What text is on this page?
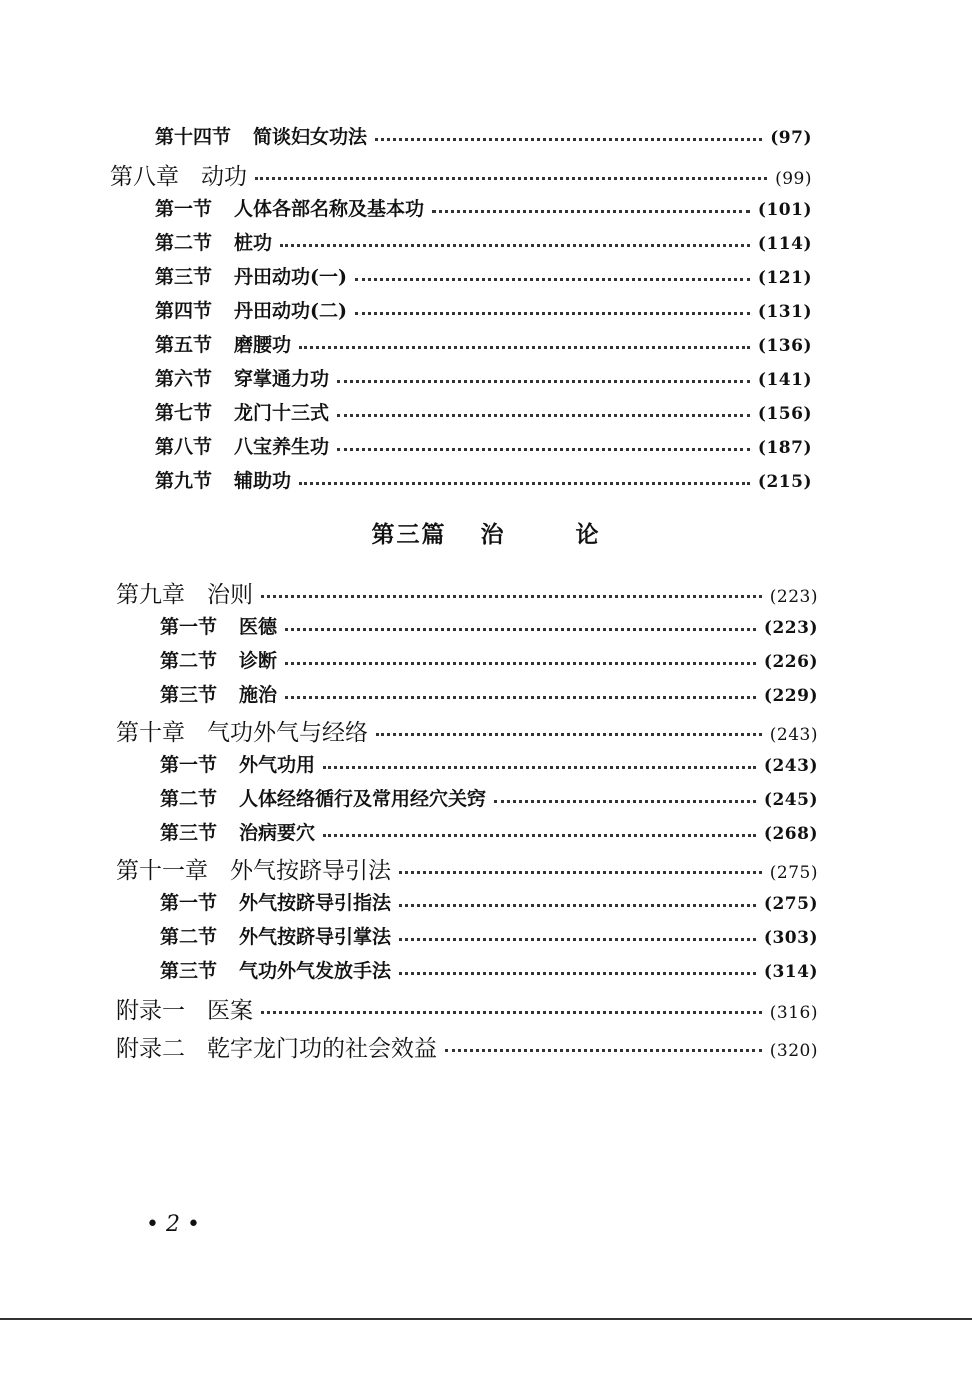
第十四节 简谈妇女功法	(97)
第八章 动功	(99)
第一节 人体各部名称及基本功	(101)
第二节 桩功	(114)
第三节 丹田动功(一)	(121)
第四节 丹田动功(二)	(131)
第五节 磨腰功	(136)
第六节 穿掌通力功	(141)
第七节 龙门十三式	(156)
第八节 八宝养生功	(187)
第九节 辅助功	(215)
第九章 治则	(223)
第一节 医德	(223)
第二节 诊断	(226)
第三节 施治	(229)
第十章 气功外气与经络	(243)
第一节 外气功用	(243)
第二节 人体经络循行及常用经穴关窍	(245)
第三节 治病要穴	(268)
第十一章 外气按跻导引法	(275)
第一节 外气按跻导引指法	(275)
第二节 外气按跻导引掌法	(303)
第三节 气功外气发放手法	(314)
附录一 医案	(316)
附录二 乾字龙门功的社会效益	(320)
第三篇 治	论
• 2 •
